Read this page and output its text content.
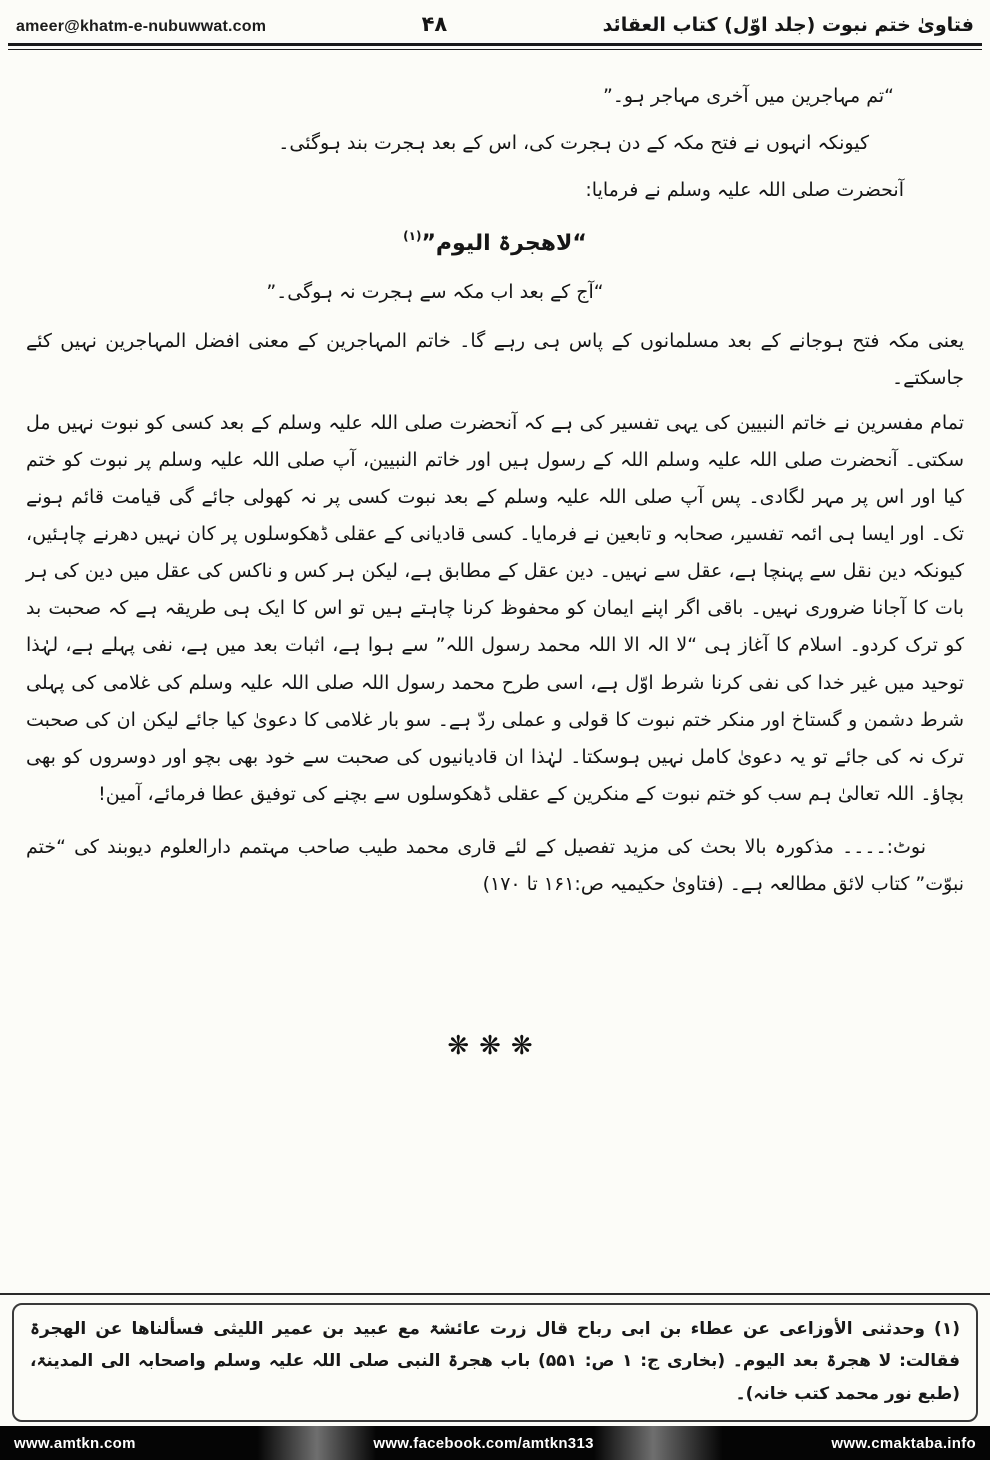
ameer@khatm-e-nubuwwat.com	۴۸	فتاویٰ ختم نبوت (جلد اوّل) کتاب العقائد

“تم مہاجرین میں آخری مہاجر ہو۔”

کیونکہ انہوں نے فتح مکہ کے دن ہجرت کی، اس کے بعد ہجرت بند ہوگئی۔

آنحضرت صلی اللہ علیہ وسلم نے فرمایا:

“لاھجرۃ الیوم”$^{(۱)}$

“آج کے بعد اب مکہ سے ہجرت نہ ہوگی۔”

یعنی مکہ فتح ہوجانے کے بعد مسلمانوں کے پاس ہی رہے گا۔ خاتم المہاجرین کے معنی افضل المہاجرین نہیں کئے جاسکتے۔

تمام مفسرین نے خاتم النبیین کی یہی تفسیر کی ہے کہ آنحضرت صلی اللہ علیہ وسلم کے بعد کسی کو نبوت نہیں مل سکتی۔ آنحضرت صلی اللہ علیہ وسلم اللہ کے رسول ہیں اور خاتم النبیین، آپ صلی اللہ علیہ وسلم پر نبوت کو ختم کیا اور اس پر مہر لگادی۔ پس آپ صلی اللہ علیہ وسلم کے بعد نبوت کسی پر نہ کھولی جائے گی قیامت قائم ہونے تک۔ اور ایسا ہی ائمہ تفسیر، صحابہ و تابعین نے فرمایا۔ کسی قادیانی کے عقلی ڈھکوسلوں پر کان نہیں دھرنے چاہئیں، کیونکہ دین نقل سے پہنچا ہے، عقل سے نہیں۔ دین عقل کے مطابق ہے، لیکن ہر کس و ناکس کی عقل میں دین کی ہر بات کا آجانا ضروری نہیں۔ باقی اگر اپنے ایمان کو محفوظ کرنا چاہتے ہیں تو اس کا ایک ہی طریقہ ہے کہ صحبت بد کو ترک کردو۔ اسلام کا آغاز ہی “لا الہ الا اللہ محمد رسول اللہ” سے ہوا ہے، اثبات بعد میں ہے، نفی پہلے ہے، لہٰذا توحید میں غیر خدا کی نفی کرنا شرط اوّل ہے، اسی طرح محمد رسول اللہ صلی اللہ علیہ وسلم کی غلامی کی پہلی شرط دشمن و گستاخ اور منکر ختم نبوت کا قولی و عملی ردّ ہے۔ سو بار غلامی کا دعویٰ کیا جائے لیکن ان کی صحبت ترک نہ کی جائے تو یہ دعویٰ کامل نہیں ہوسکتا۔ لہٰذا ان قادیانیوں کی صحبت سے خود بھی بچو اور دوسروں کو بھی بچاؤ۔ اللہ تعالیٰ ہم سب کو ختم نبوت کے منکرین کے عقلی ڈھکوسلوں سے بچنے کی توفیق عطا فرمائے، آمین!

نوٹ:۔۔۔۔ مذکورہ بالا بحث کی مزید تفصیل کے لئے قاری محمد طیب صاحب مہتمم دارالعلوم دیوبند کی “ختم نبوّت” کتاب لائق مطالعہ ہے۔ (فتاویٰ حکیمیہ ص:۱۶۱ تا ۱۷۰)

❋❋❋
(۱) وحدثنی الأوزاعی عن عطاء بن ابی رباح قال زرت عائشۃ مع عبید بن عمیر اللیثی فسألناھا عن الھجرۃ فقالت: لا ھجرۃ بعد الیوم۔ (بخاری ج: ۱ ص: ۵۵۱) باب ھجرۃ النبی صلی اللہ علیہ وسلم واصحابہ الی المدینۃ، (طبع نور محمد کتب خانہ)۔
www.amtkn.com	www.facebook.com/amtkn313	www.cmaktaba.info
